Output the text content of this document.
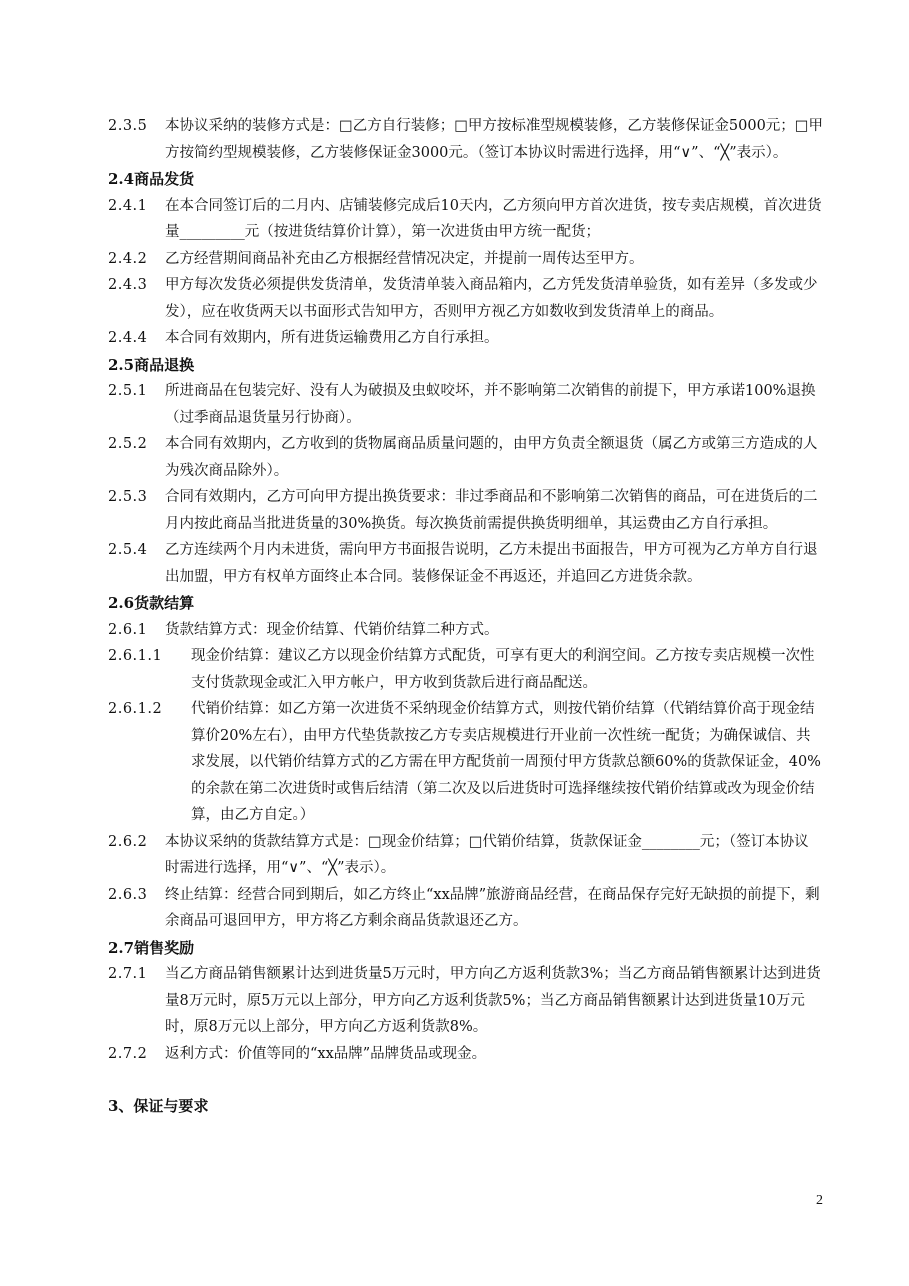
2.3.5 本协议采纳的装修方式是：□乙方自行装修；□甲方按标准型规模装修，乙方装修保证金5000元；□甲方按简约型规模装修，乙方装修保证金3000元。（签订本协议时需进行选择，用“∨”、“╳”表示）。
2.4商品发货
2.4.1 在本合同签订后的二月内、店铺装修完成后10天内，乙方须向甲方首次进货，按专卖店规模，首次进货量_________元（按进货结算价计算），第一次进货由甲方统一配货；
2.4.2 乙方经营期间商品补充由乙方根据经营情况决定，并提前一周传达至甲方。
2.4.3 甲方每次发货必须提供发货清单，发货清单装入商品箱内，乙方凭发货清单验货，如有差异（多发或少发），应在收货两天以书面形式告知甲方，否则甲方视乙方如数收到发货清单上的商品。
2.4.4 本合同有效期内，所有进货运输费用乙方自行承担。
2.5商品退换
2.5.1 所进商品在包装完好、没有人为破损及虫蚁咬坏，并不影响第二次销售的前提下，甲方承诺100%退换（过季商品退货量另行协商）。
2.5.2 本合同有效期内，乙方收到的货物属商品质量问题的，由甲方负责全额退货（属乙方或第三方造成的人为残次商品除外）。
2.5.3 合同有效期内，乙方可向甲方提出换货要求：非过季商品和不影响第二次销售的商品，可在进货后的二月内按此商品当批进货量的30%换货。每次换货前需提供换货明细单，其运费由乙方自行承担。
2.5.4 乙方连续两个月内未进货，需向甲方书面报告说明，乙方未提出书面报告，甲方可视为乙方单方自行退出加盟，甲方有权单方面终止本合同。装修保证金不再返还，并追回乙方进货余款。
2.6货款结算
2.6.1 货款结算方式：现金价结算、代销价结算二种方式。
2.6.1.1 现金价结算：建议乙方以现金价结算方式配货，可享有更大的利润空间。乙方按专卖店规模一次性支付货款现金或汇入甲方帐户，甲方收到货款后进行商品配送。
2.6.1.2 代销价结算：如乙方第一次进货不采纳现金价结算方式，则按代销价结算（代销结算价高于现金结算价20%左右），由甲方代垫货款按乙方专卖店规模进行开业前一次性统一配货；为确保诚信、共求发展，以代销价结算方式的乙方需在甲方配货前一周预付甲方货款总额60%的货款保证金，40%的余款在第二次进货时或售后结清（第二次及以后进货时可选择继续按代销价结算或改为现金价结算，由乙方自定。）
2.6.2 本协议采纳的货款结算方式是：□现金价结算；□代销价结算，货款保证金________元；（签订本协议时需进行选择，用“∨”、“╳”表示）。
2.6.3 终止结算：经营合同到期后，如乙方终止“xx品牌”旅游商品经营，在商品保存完好无缺损的前提下，剩余商品可退回甲方，甲方将乙方剩余商品货款退还乙方。
2.7销售奖励
2.7.1 当乙方商品销售额累计达到进货量5万元时，甲方向乙方返利货款3%；当乙方商品销售额累计达到进货量8万元时，原5万元以上部分，甲方向乙方返利货款5%；当乙方商品销售额累计达到进货量10万元时，原8万元以上部分，甲方向乙方返利货款8%。
2.7.2 返利方式：价值等同的“xx品牌”品牌货品或现金。
3、保证与要求
2
